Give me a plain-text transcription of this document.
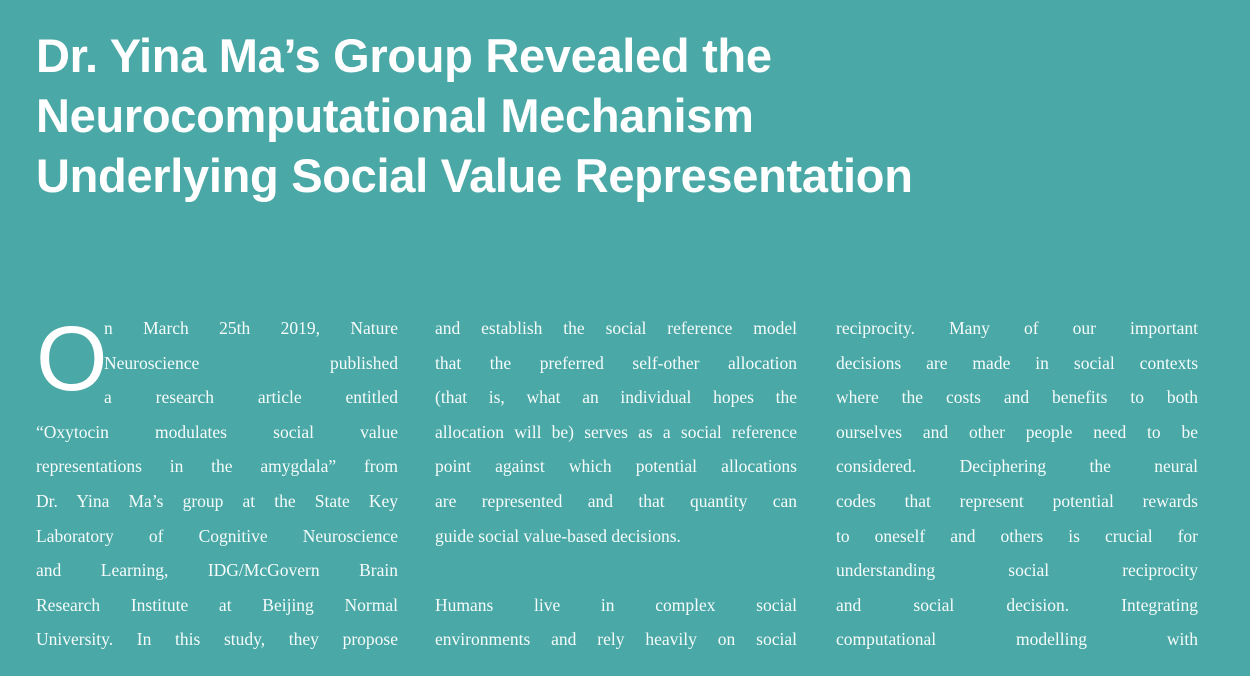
Dr. Yina Ma’s Group Revealed the
Neurocomputational Mechanism
Underlying Social Value Representation
O
n March 25th 2019, Nature
Neuroscience published
a research article entitled
“Oxytocin modulates social value
representations in the amygdala” from
Dr. Yina Ma’s group at the State Key
Laboratory of Cognitive Neuroscience
and Learning, IDG/McGovern Brain
Research Institute at Beijing Normal
University. In this study, they propose
and establish the social reference model
that the preferred self-other allocation
(that is, what an individual hopes the
allocation will be) serves as a social reference
point against which potential allocations
are represented and that quantity can
guide social value-based decisions.
Humans live in complex social
environments and rely heavily on social
reciprocity. Many of our important
decisions are made in social contexts
where the costs and benefits to both
ourselves and other people need to be
considered. Deciphering the neural
codes that represent potential rewards
to oneself and others is crucial for
understanding social reciprocity
and social decision. Integrating
computational modelling with
